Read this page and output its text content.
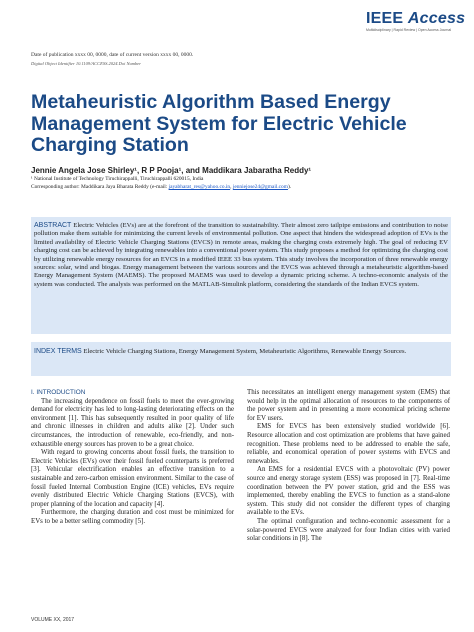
IEEE Access
Multidisciplinary | Rapid Review | Open Access Journal
Date of publication xxxx 00, 0000, date of current version xxxx 00, 0000.
Digital Object Identifier 10.1109/ACCESS.2024.Doi Number
Metaheuristic Algorithm Based Energy
Management System for Electric Vehicle
Charging Station
Jennie Angela Jose Shirley¹, R P Pooja¹, and Maddikara Jabaratha Reddy¹
¹ National Institute of Technology Tiruchirappalli, Tiruchirappalli 620015, India
Corresponding author: Maddikara Jaya Bharata Reddy (e-mail: jayabharat_res@yahoo.co.in, jenniejose24@gmail.com).
ABSTRACT Electric Vehicles (EVs) are at the forefront of the transition to sustainability. Their almost zero tailpipe emissions and contribution to noise pollution make them suitable for minimizing the current levels of environmental pollution. One aspect that hinders the widespread adoption of EVs is the limited availability of Electric Vehicle Charging Stations (EVCS) in remote areas, making the charging costs extremely high. The goal of reducing EV charging cost can be achieved by integrating renewables into a conventional power system. This study proposes a method for optimizing the charging cost by utilizing renewable energy resources for an EVCS in a modified IEEE 33 bus system. This study involves the incorporation of three renewable energy sources: solar, wind and biogas. Energy management between the various sources and the EVCS was achieved through a metaheuristic algorithm-based Energy Management System (MAEMS). The proposed MAEMS was used to develop a dynamic pricing scheme. A techno-economic analysis of the system was conducted. The analysis was performed on the MATLAB-Simulink platform, considering the standards of the Indian EVCS system.
INDEX TERMS Electric Vehicle Charging Stations, Energy Management System, Metaheuristic Algorithms, Renewable Energy Sources.

I. INTRODUCTION

The increasing dependence on fossil fuels to meet the ever-growing demand for electricity has led to long-lasting deteriorating effects on the environment [1]. This has subsequently resulted in poor quality of life and chronic illnesses in children and adults alike [2]. Under such circumstances, the introduction of renewable, eco-friendly, and non-exhaustible energy sources has proven to be a great choice.

With regard to growing concerns about fossil fuels, the transition to Electric Vehicles (EVs) over their fossil fueled counterparts is preferred [3]. Vehicular electrification enables an effective transition to a sustainable and zero-carbon emission environment. Similar to the case of fossil fueled Internal Combustion Engine (ICE) vehicles, EVs require evenly distributed Electric Vehicle Charging Stations (EVCS), with proper planning of the location and capacity [4].

Furthermore, the charging duration and cost must be minimized for EVs to be a better selling commodity [5].

This necessitates an intelligent energy management system (EMS) that would help in the optimal allocation of resources to the components of the power system and in presenting a more economical pricing scheme for EV users.

EMS for EVCS has been extensively studied worldwide [6]. Resource allocation and cost optimization are problems that have gained recognition. These problems need to be addressed to enable the safe, reliable, and economical operation of power systems with EVCS and renewables.

An EMS for a residential EVCS with a photovoltaic (PV) power source and energy storage system (ESS) was proposed in [7]. Real-time coordination between the PV power station, grid and the ESS was implemented, thereby enabling the EVCS to function as a stand-alone system. This study did not consider the different types of charging available to the EVs.

The optimal configuration and techno-economic assessment for a solar-powered EVCS were analyzed for four Indian cities with varied solar conditions in [8]. The

VOLUME XX, 2017
